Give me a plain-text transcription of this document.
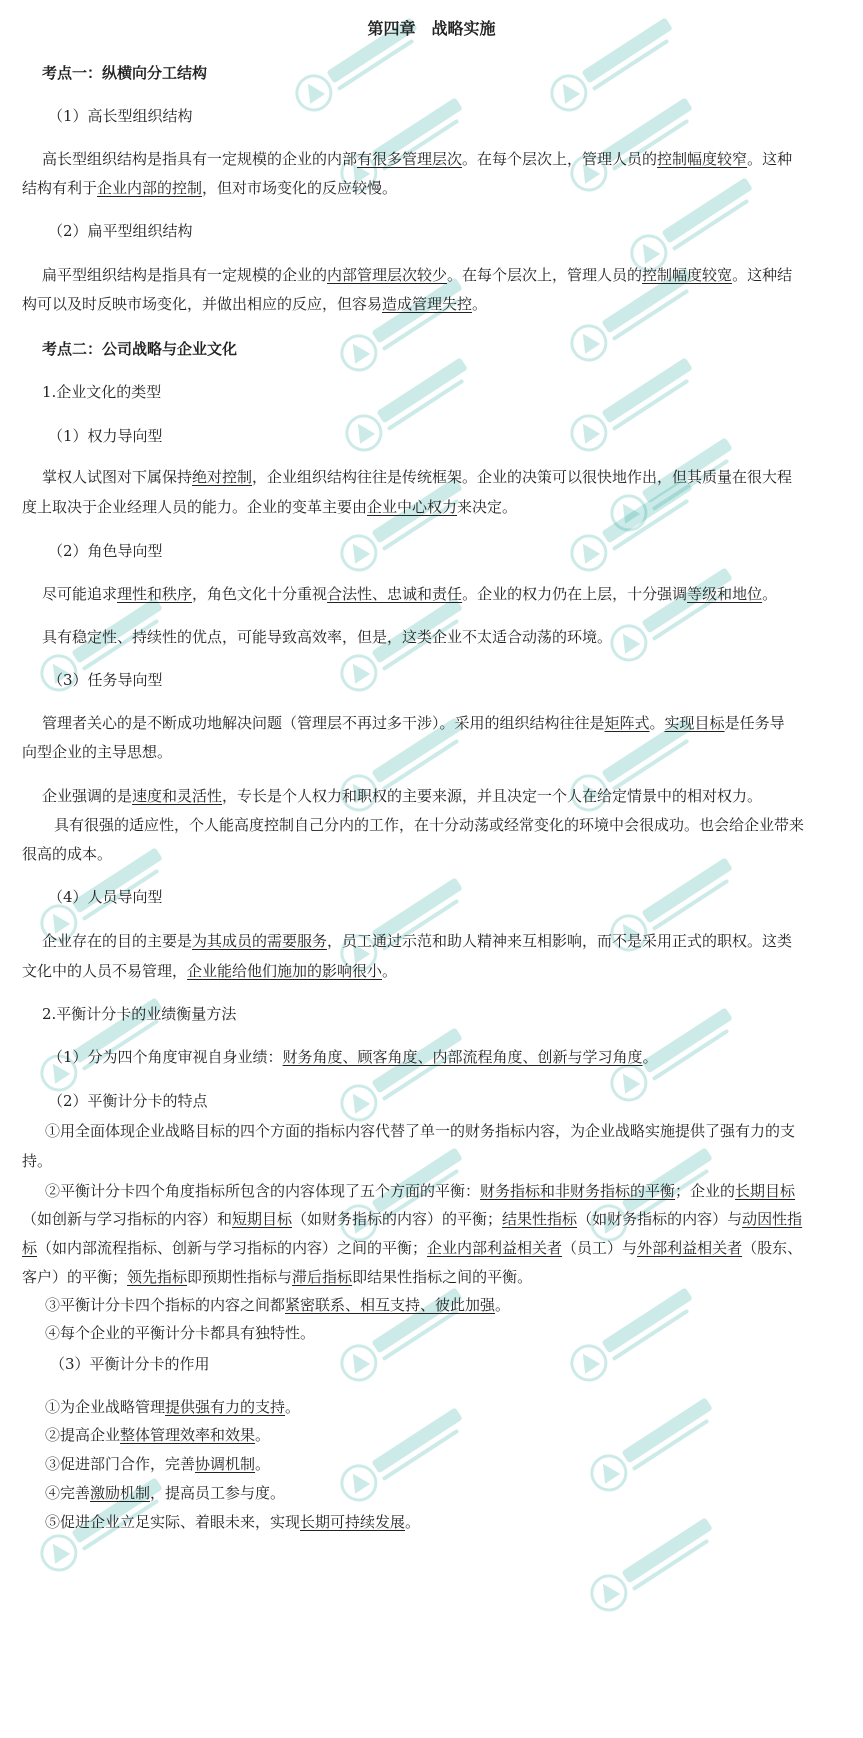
第四章　战略实施
考点一：纵横向分工结构
（1）高长型组织结构
高长型组织结构是指具有一定规模的企业的内部有很多管理层次。在每个层次上，管理人员的控制幅度较窄。这种
结构有利于企业内部的控制，但对市场变化的反应较慢。
（2）扁平型组织结构
扁平型组织结构是指具有一定规模的企业的内部管理层次较少。在每个层次上，管理人员的控制幅度较宽。这种结
构可以及时反映市场变化，并做出相应的反应，但容易造成管理失控。
考点二：公司战略与企业文化
1.企业文化的类型
（1）权力导向型
掌权人试图对下属保持绝对控制，企业组织结构往往是传统框架。企业的决策可以很快地作出，但其质量在很大程
度上取决于企业经理人员的能力。企业的变革主要由企业中心权力来决定。
（2）角色导向型
尽可能追求理性和秩序，角色文化十分重视合法性、忠诚和责任。企业的权力仍在上层，十分强调等级和地位。
具有稳定性、持续性的优点，可能导致高效率，但是，这类企业不太适合动荡的环境。
（3）任务导向型
管理者关心的是不断成功地解决问题（管理层不再过多干涉）。采用的组织结构往往是矩阵式。实现目标是任务导
向型企业的主导思想。
企业强调的是速度和灵活性，专长是个人权力和职权的主要来源，并且决定一个人在给定情景中的相对权力。
具有很强的适应性，个人能高度控制自己分内的工作，在十分动荡或经常变化的环境中会很成功。也会给企业带来
很高的成本。
（4）人员导向型
企业存在的目的主要是为其成员的需要服务，员工通过示范和助人精神来互相影响，而不是采用正式的职权。这类
文化中的人员不易管理，企业能给他们施加的影响很小。
2.平衡计分卡的业绩衡量方法
（1）分为四个角度审视自身业绩：财务角度、顾客角度、内部流程角度、创新与学习角度。
（2）平衡计分卡的特点
①用全面体现企业战略目标的四个方面的指标内容代替了单一的财务指标内容，为企业战略实施提供了强有力的支
持。
②平衡计分卡四个角度指标所包含的内容体现了五个方面的平衡：财务指标和非财务指标的平衡；企业的长期目标
（如创新与学习指标的内容）和短期目标（如财务指标的内容）的平衡；结果性指标（如财务指标的内容）与动因性指
标（如内部流程指标、创新与学习指标的内容）之间的平衡；企业内部利益相关者（员工）与外部利益相关者（股东、
客户）的平衡；领先指标即预期性指标与滞后指标即结果性指标之间的平衡。
③平衡计分卡四个指标的内容之间都紧密联系、相互支持、彼此加强。
④每个企业的平衡计分卡都具有独特性。
（3）平衡计分卡的作用
①为企业战略管理提供强有力的支持。
②提高企业整体管理效率和效果。
③促进部门合作，完善协调机制。
④完善激励机制，提高员工参与度。
⑤促进企业立足实际、着眼未来，实现长期可持续发展。
